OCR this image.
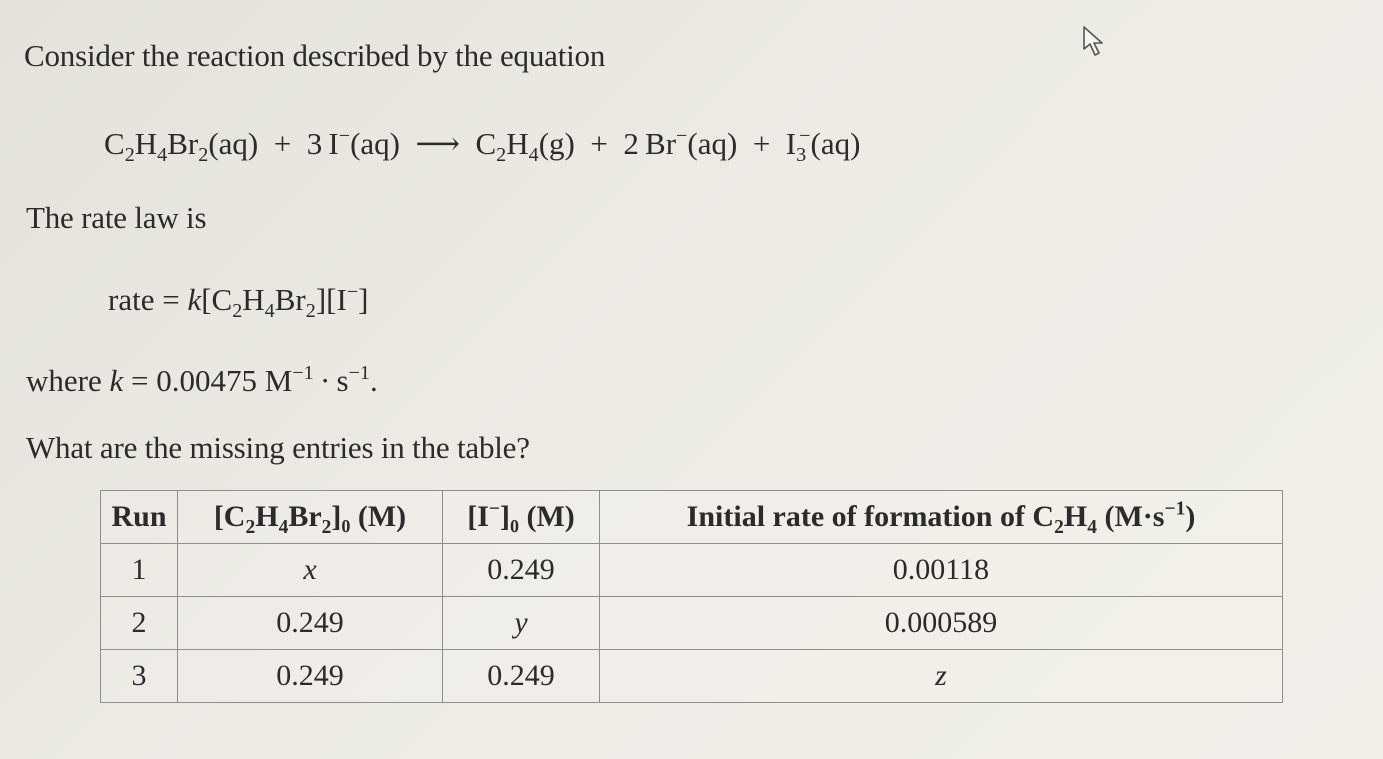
Consider the reaction described by the equation
$C_2H_4Br_2(aq) + 3$ I−(aq)  ⟶  $C_2H_4(g) + 2$ $Br^-(aq) + I_3^-(aq)$
The rate law is
rate = $k[C_2H_4Br_2][I^-]$
where k = 0.00475 $M^{-1} \cdot s^{-1}$.
What are the missing entries in the table?
Run	$[C_2H_4Br_2]_0$ (M)	[I−]₀ (M)	Initial rate of formation of $C_2H_4$ $(M\cdot s^{-1})$
1	x	0.249	0.00118
2	0.249	y	0.000589
3	0.249	0.249	z
